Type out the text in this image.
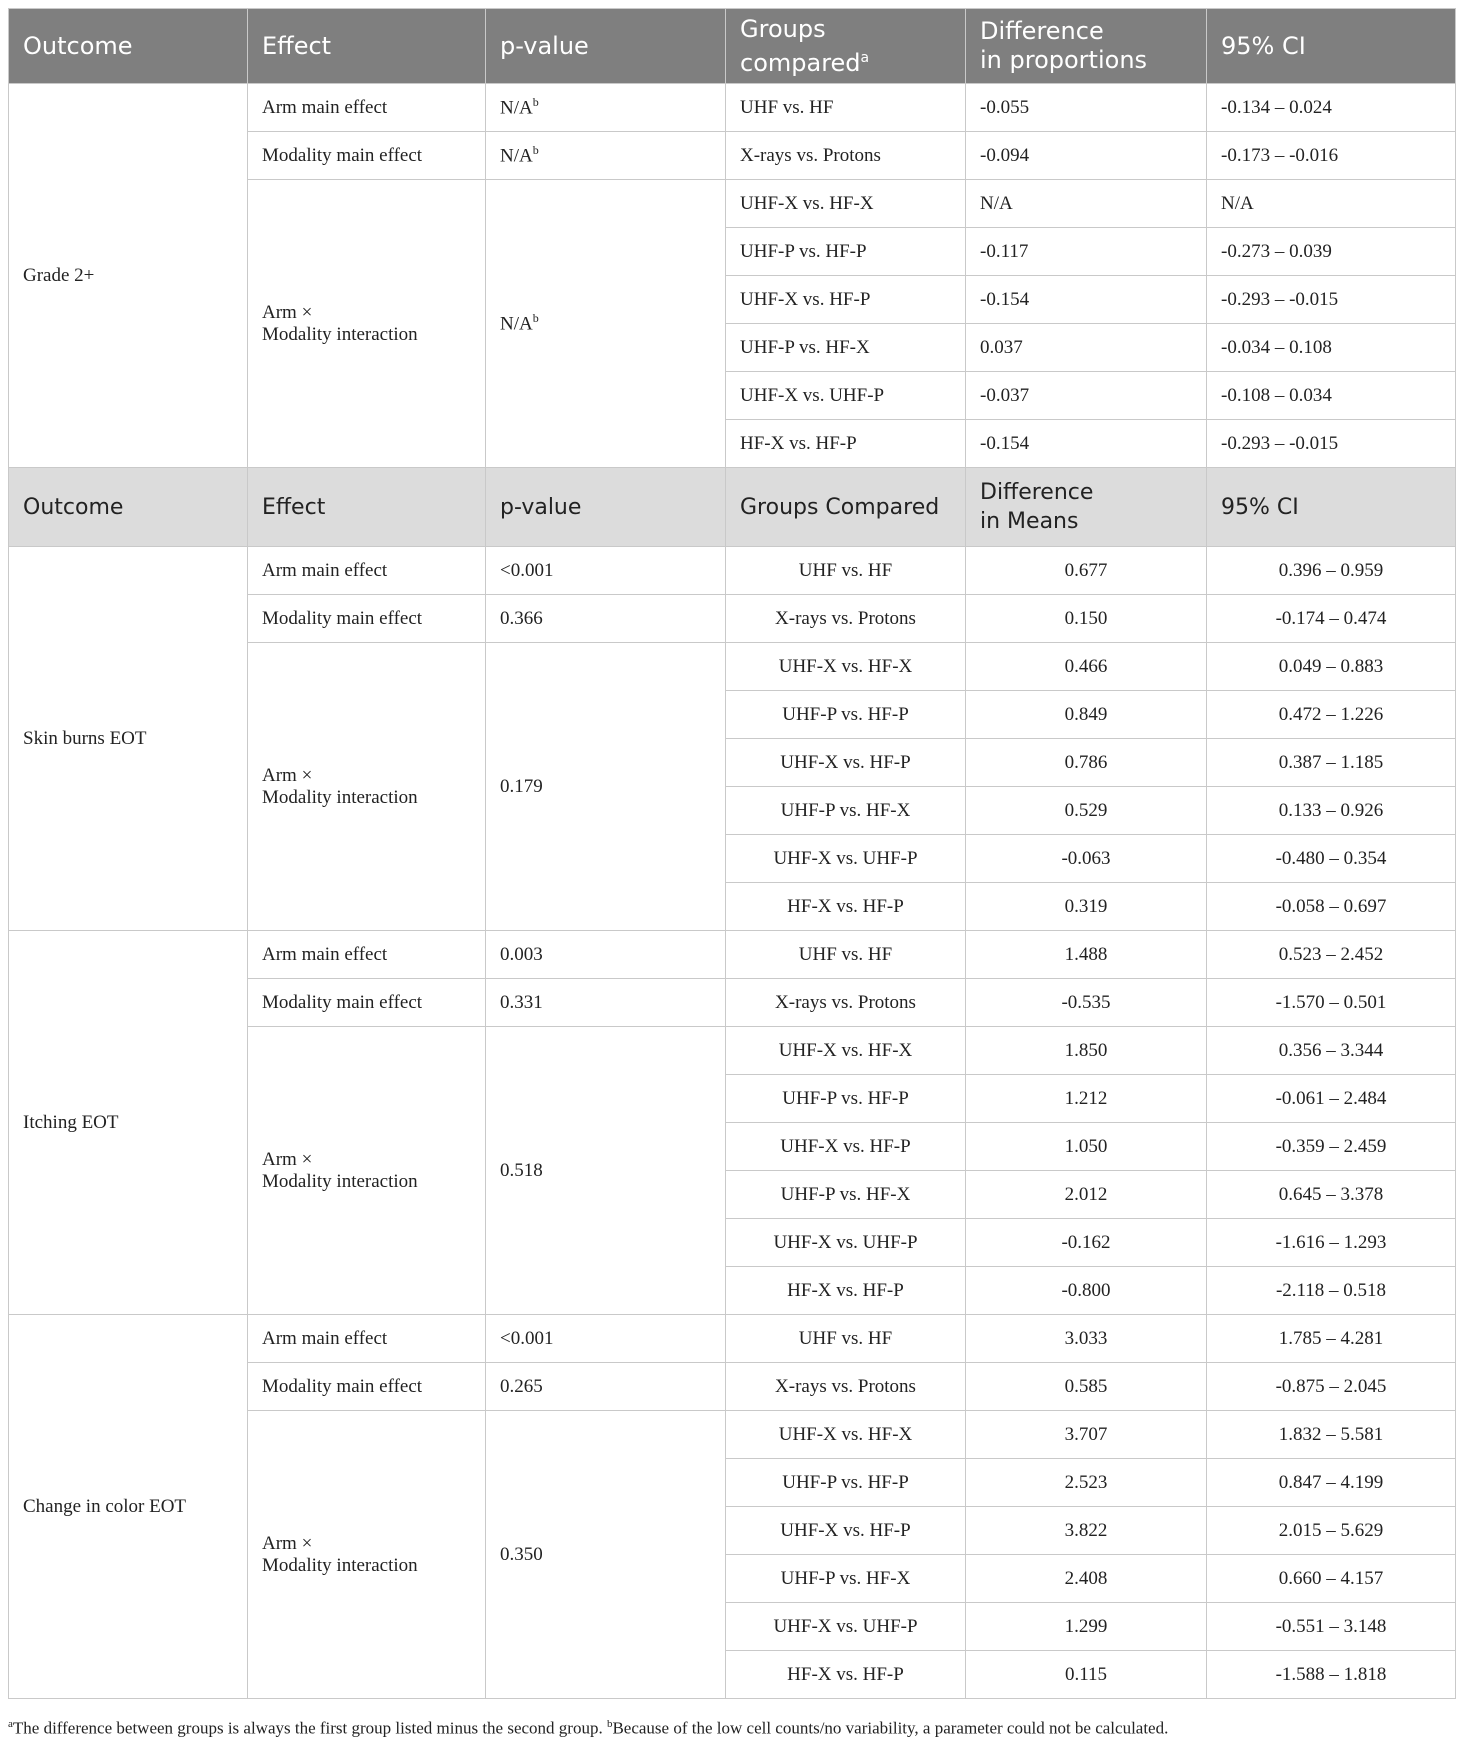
Outcome	Effect	p-value	Groups compared$^a$	Difference
in proportions	95% CI
Grade 2+	Arm main effect	$N/A^b$	UHF vs. HF	-0.055	-0.134 – 0.024
	Modality main effect	$N/A^b$	X-rays vs. Protons	-0.094	-0.173 – -0.016
	Arm ×
Modality interaction	$N/A^b$	UHF-X vs. HF-X	N/A	N/A
			UHF-P vs. HF-P	-0.117	-0.273 – 0.039
			UHF-X vs. HF-P	-0.154	-0.293 – -0.015
			UHF-P vs. HF-X	0.037	-0.034 – 0.108
			UHF-X vs. UHF-P	-0.037	-0.108 – 0.034
			HF-X vs. HF-P	-0.154	-0.293 – -0.015
Outcome	Effect	p-value	Groups Compared	Difference
in Means	95% CI
Skin burns EOT	Arm main effect	<0.001	UHF vs. HF	0.677	0.396 – 0.959
	Modality main effect	0.366	X-rays vs. Protons	0.150	-0.174 – 0.474
	Arm ×
Modality interaction	0.179	UHF-X vs. HF-X	0.466	0.049 – 0.883
			UHF-P vs. HF-P	0.849	0.472 – 1.226
			UHF-X vs. HF-P	0.786	0.387 – 1.185
			UHF-P vs. HF-X	0.529	0.133 – 0.926
			UHF-X vs. UHF-P	-0.063	-0.480 – 0.354
			HF-X vs. HF-P	0.319	-0.058 – 0.697
Itching EOT	Arm main effect	0.003	UHF vs. HF	1.488	0.523 – 2.452
	Modality main effect	0.331	X-rays vs. Protons	-0.535	-1.570 – 0.501
	Arm ×
Modality interaction	0.518	UHF-X vs. HF-X	1.850	0.356 – 3.344
			UHF-P vs. HF-P	1.212	-0.061 – 2.484
			UHF-X vs. HF-P	1.050	-0.359 – 2.459
			UHF-P vs. HF-X	2.012	0.645 – 3.378
			UHF-X vs. UHF-P	-0.162	-1.616 – 1.293
			HF-X vs. HF-P	-0.800	-2.118 – 0.518
Change in color EOT	Arm main effect	<0.001	UHF vs. HF	3.033	1.785 – 4.281
	Modality main effect	0.265	X-rays vs. Protons	0.585	-0.875 – 2.045
	Arm ×
Modality interaction	0.350	UHF-X vs. HF-X	3.707	1.832 – 5.581
			UHF-P vs. HF-P	2.523	0.847 – 4.199
			UHF-X vs. HF-P	3.822	2.015 – 5.629
			UHF-P vs. HF-X	2.408	0.660 – 4.157
			UHF-X vs. UHF-P	1.299	-0.551 – 3.148
			HF-X vs. HF-P	0.115	-1.588 – 1.818
$^a$The difference between groups is always the first group listed minus the second group. $^b$Because of the low cell counts/no variability, a parameter could not be calculated.
